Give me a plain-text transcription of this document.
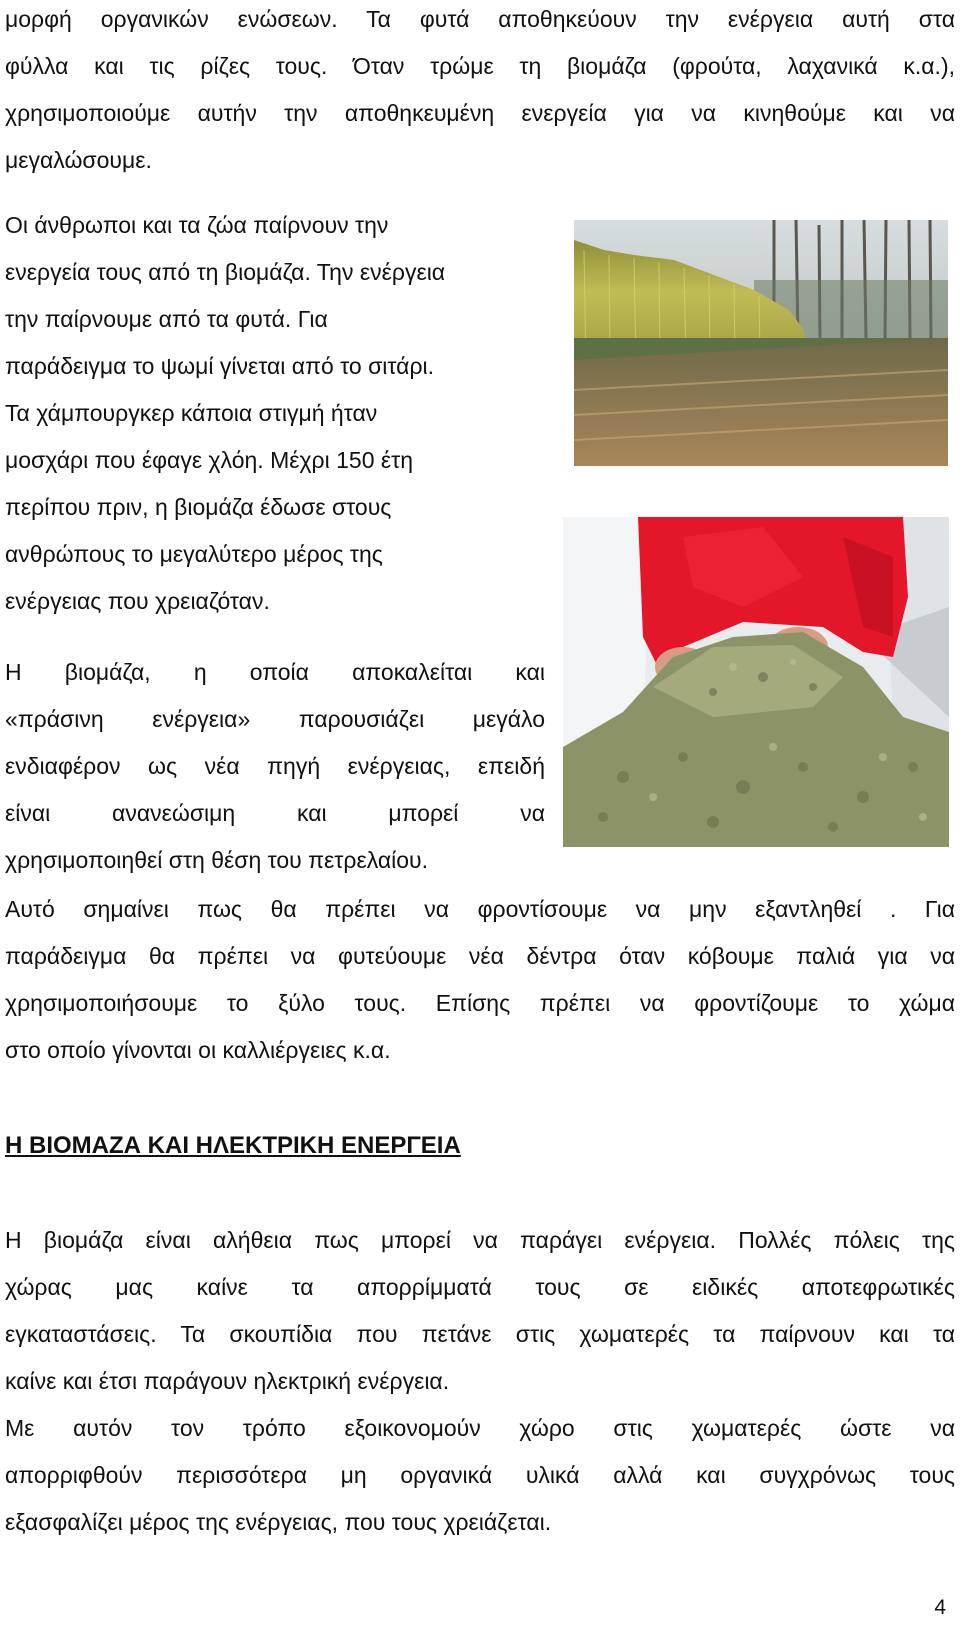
μορφή οργανικών ενώσεων. Τα φυτά αποθηκεύουν την ενέργεια αυτή στα
φύλλα και τις ρίζες τους. Όταν τρώμε τη βιομάζα (φρούτα, λαχανικά κ.α.),
χρησιμοποιούμε αυτήν την αποθηκευμένη ενεργεία για να κινηθούμε και να
μεγαλώσουμε.
Οι άνθρωποι και τα ζώα παίρνουν την
ενεργεία τους από τη βιομάζα. Την ενέργεια
την παίρνουμε από τα φυτά. Για
παράδειγμα το ψωμί γίνεται από το σιτάρι.
Τα χάμπουργκερ κάποια στιγμή ήταν
μοσχάρι που έφαγε χλόη. Μέχρι 150 έτη
περίπου πριν, η βιομάζα έδωσε στους
ανθρώπους το μεγαλύτερο μέρος της
ενέργειας που χρειαζόταν.
Η βιομάζα, η οποία αποκαλείται και
«πράσινη ενέργεια» παρουσιάζει μεγάλο
ενδιαφέρον ως νέα πηγή ενέργειας, επειδή
είναι ανανεώσιμη και μπορεί να
χρησιμοποιηθεί στη θέση του πετρελαίου.
Αυτό σημαίνει πως θα πρέπει να φροντίσουμε να μην εξαντληθεί . Για
παράδειγμα θα πρέπει να φυτεύουμε νέα δέντρα όταν κόβουμε παλιά για να
χρησιμοποιήσουμε το ξύλο τους. Επίσης πρέπει να φροντίζουμε το χώμα
στο οποίο γίνονται οι καλλιέργειες κ.α.
Η ΒΙΟΜΑΖΑ ΚΑΙ ΗΛΕΚΤΡΙΚΗ ΕΝΕΡΓΕΙΑ
Η βιομάζα είναι αλήθεια πως μπορεί να παράγει ενέργεια. Πολλές πόλεις της
χώρας μας καίνε τα απορρίμματά τους σε ειδικές αποτεφρωτικές
εγκαταστάσεις. Τα σκουπίδια που πετάνε στις χωματερές τα παίρνουν και τα
καίνε και έτσι παράγουν ηλεκτρική ενέργεια.
Με αυτόν τον τρόπο εξοικονομούν χώρο στις χωματερές ώστε να
απορριφθούν περισσότερα μη οργανικά υλικά αλλά και συγχρόνως τους
εξασφαλίζει μέρος της ενέργειας, που τους χρειάζεται.
4
